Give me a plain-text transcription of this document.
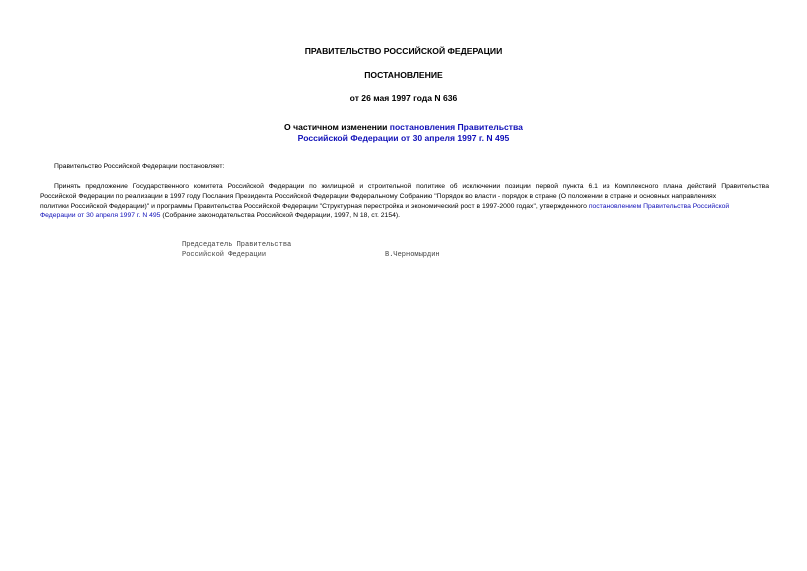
ПРАВИТЕЛЬСТВО РОССИЙСКОЙ ФЕДЕРАЦИИ
ПОСТАНОВЛЕНИЕ
от 26 мая 1997 года N 636
О частичном изменении постановления Правительства
Российской Федерации от 30 апреля 1997 г. N 495
Правительство Российской Федерации постановляет:
Принять предложение Государственного комитета Российской Федерации по жилищной и строительной политике об исключении позиции первой пункта 6.1 из Комплексного плана действий Правительства
Российской Федерации по реализации в 1997 году Послания Президента Российской Федерации Федеральному Собранию "Порядок во власти - порядок в стране (О положении в стране и основных направлениях
политики Российской Федерации)" и программы Правительства Российской Федерации "Структурная перестройка и экономический рост в 1997-2000 годах", утвержденного постановлением Правительства Российской
Федерации от 30 апреля 1997 г. N 495 (Собрание законодательства Российской Федерации, 1997, N 18, ст. 2154).
Председатель Правительства
Российской Федерации	В.Черномырдин
